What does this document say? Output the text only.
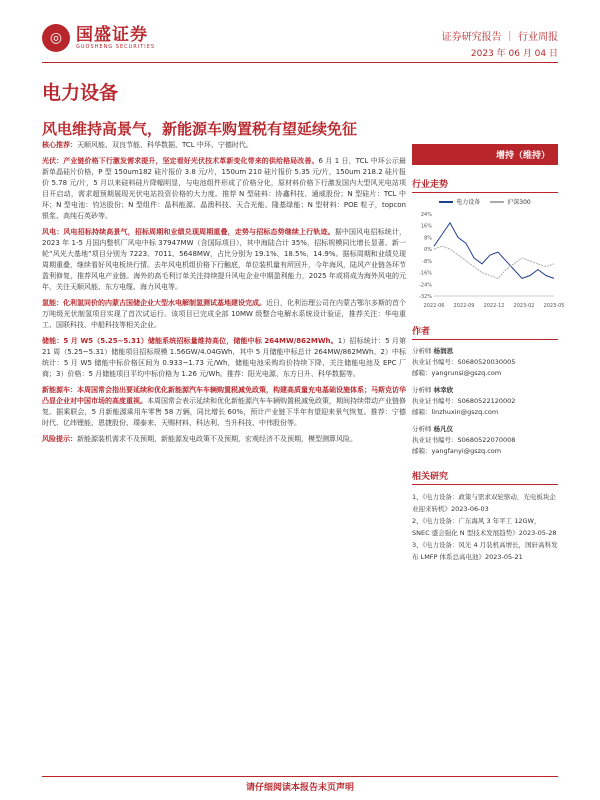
◎ 国盛证券
GUOSHENG SECURITIES
证券研究报告 ｜ 行业周报
2023 年 06 月 04 日
电力设备
风电维持高景气，新能源车购置税有望延续免征

核心推荐：天顺风能、双良节能、科华数据、TCL 中环、宁德时代。

光伏：产业链价格下行激发需求提升，坚定看好光伏技术革新变化带来的供给格局改善。6 月 1 日，TCL 中环公示最新单晶硅片价格，P 型 150um182 硅片报价 3.8 元/片，150um 210 硅片报价 5.35 元/片，150um 218.2 硅片报价 5.78 元/片，5 月以来硅料硅片降幅明显，与电池组件形成了价格分化，原材料价格下行激发国内大型风光电站项目开启动，需求超预期展现光伏电站投资价格的大力度。推荐 N 型硅料：协鑫科技、通威股份；N 型硅片：TCL 中环；N 型电池：钧达股份；N 型组件：晶科能源、晶澳科技、天合光能、隆基绿能；N 型材料：POE 粒子，topcon 银浆、高纯石英砂等。

风电：风电招标持续高景气，招标周期和业绩兑现周期重叠，走势与招标态势继续上行轨迹。据中国风电招标统计，2023 年 1-5 月国内整机厂风电中标 37947MW（含国际项目），其中海陆合计 35%，招标规模同比增长显著。新一轮“风光大基地”项目分别为 7223、7011、5648MW，占比分别为 19.1%、18.5%、14.9%。据标周期和业绩兑现周期重叠，继续看好风电板块行情。去年风电机组价格下行触底，单位装机量有所回升，今年海风，陆风产业链各环节盈利修复，推荐风电产业链。海外的高毛利订单关注持续提升风电企业中期盈利能力，2025 年或将成为海外风电的元年，关注天顺风能、东方电缆、海力风电等。

氢能：化利氢同价的内蒙古国储企业大型水电解制氢测试基地建设完成。近日，化利治理公司在内蒙古鄂尔多斯的首个万吨级光伏制氢项目实现了首次试运行。该项目已完成全部 10MW 级整合电解水系统设计验证，推荐关注：华电重工、国联科技、中船科技等相关企业。

储能：5 月 W5（5.25~5.31）储能系统招标量维持高位，储能中标 264MW/862MWh。1）招标统计：5 月第 21 周（5.25~5.31）储能项目招标规模 1.56GW/4.04GWh，其中 5 月储能中标总计 264MW/862MWh。2）中标统计：5 月 W5 储能中标价格区间为 0.933~1.73 元/Wh，储能电池采购均价持续下降，关注储能电池及 EPC 厂商；3）价格：5 月储能项目平均中标价格为 1.26 元/Wh。推荐：阳光电源、东方日升、科华数据等。

新能源车：本周国常会指出要延续和优化新能源汽车车辆购置税减免政策，构建高质量充电基础设施体系；马斯克访华凸显企业对中国市场的高度重视。本周国常会表示延续和优化新能源汽车车辆购置税减免政策，期间持续带动产业链修复。据乘联会，5 月新能源乘用车零售 58 万辆，同比增长 60%，预计产业链下半年有望迎来景气恢复。推荐：宁德时代、亿纬锂能、恩捷股份、璞泰来、天赐材料、科达利、当升科技、中伟股份等。

风险提示：新能源装机需求不及预期，新能源发电政策不及预期，宏观经济不及预期，模型测算风险。

增持（维持）
行业走势
电力设备	沪深300
24%
16%
8%
0%
-8%
-16%
-24%
-32%
2022-06 2022-09 2022-12 2023-02 2023-05
作者
分析师 杨润思
执业证书编号：S0680520030005
邮箱：yangrunsi@gszq.com
分析师 林幸欣
执业证书编号：S0680522120002
邮箱：linzhuxin@gszq.com
分析师 杨凡仪
执业证书编号：S0680522070008
邮箱：yangfanyi@gszq.com
相关研究
1、《电力设备：政策与需求双轮驱动，光电板块企业迎来转机》2023-06-03
2、《电力设备：广东海风 3 年平工 12GW，SNEC 盛会强化 N 型技术发展趋势》2023-05-28
3、《电力设备：风光 4 月装机高增长，国轩高科发布 LMFP 体系总高电池》2023-05-21
请仔细阅读本报告末页声明
